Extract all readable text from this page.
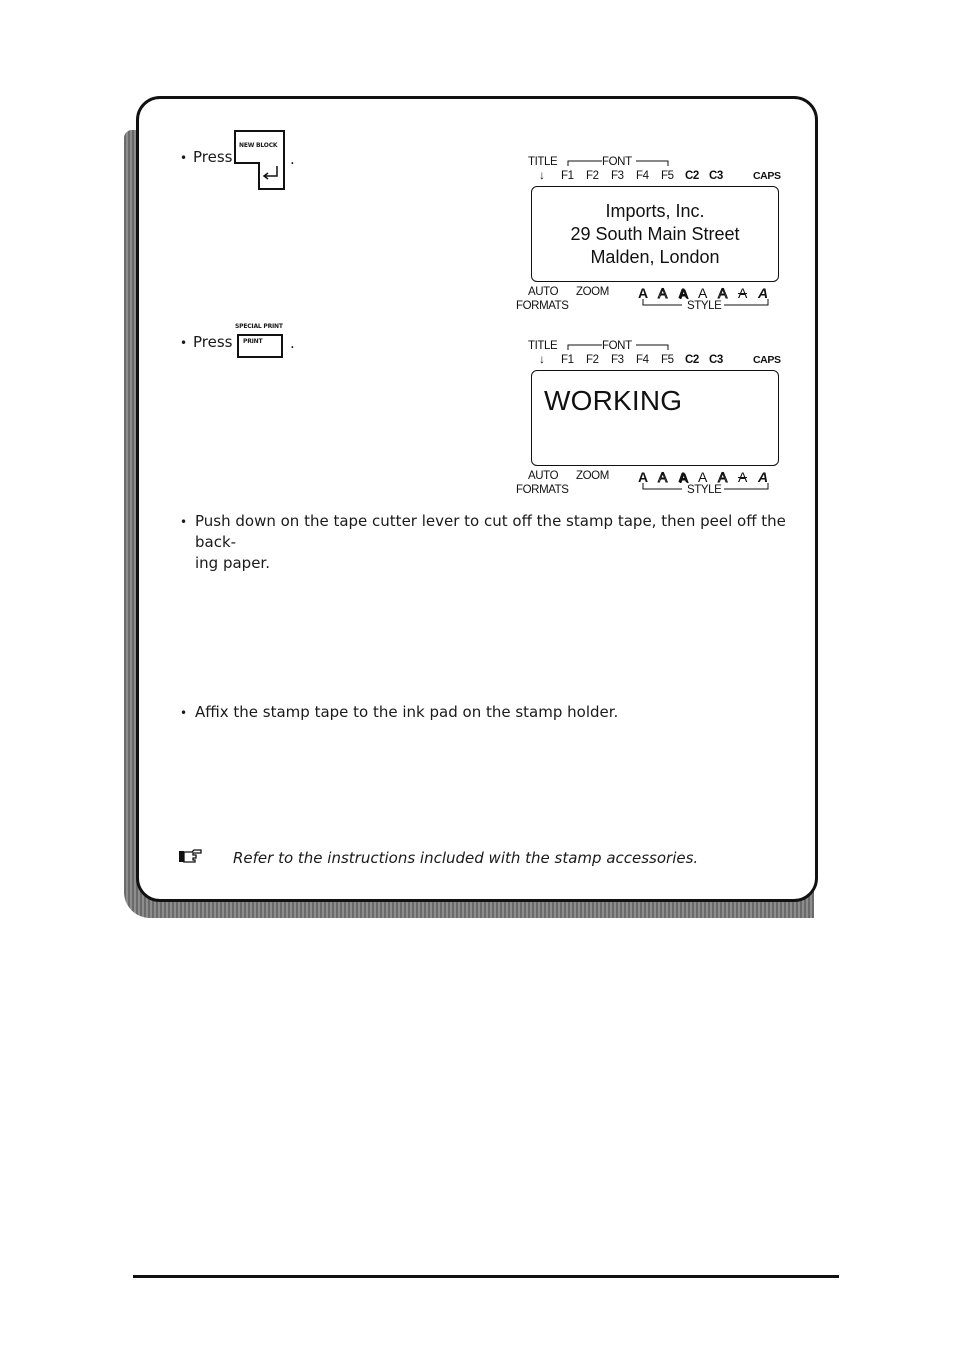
• Press
NEW BLOCK
.	TITLE	FONT
↓ F1 F2 F3 F4 F5 C2 C3	CAPS
Imports, Inc.
29 South Main Street
Malden, London
AUTO
FORMATS
ZOOM A A A A A A A
STYLE
• Press
SPECIAL PRINT
PRINT .	TITLE	FONT
↓ F1 F2 F3 F4 F5 C2 C3	CAPS
WORKING
AUTO
FORMATS
ZOOM A A A A A A A
STYLE
• Push down on the tape cutter lever to cut off the stamp tape, then peel off the back-
ing paper.
• Affix the stamp tape to the ink pad on the stamp holder.
Refer to the instructions included with the stamp accessories.
